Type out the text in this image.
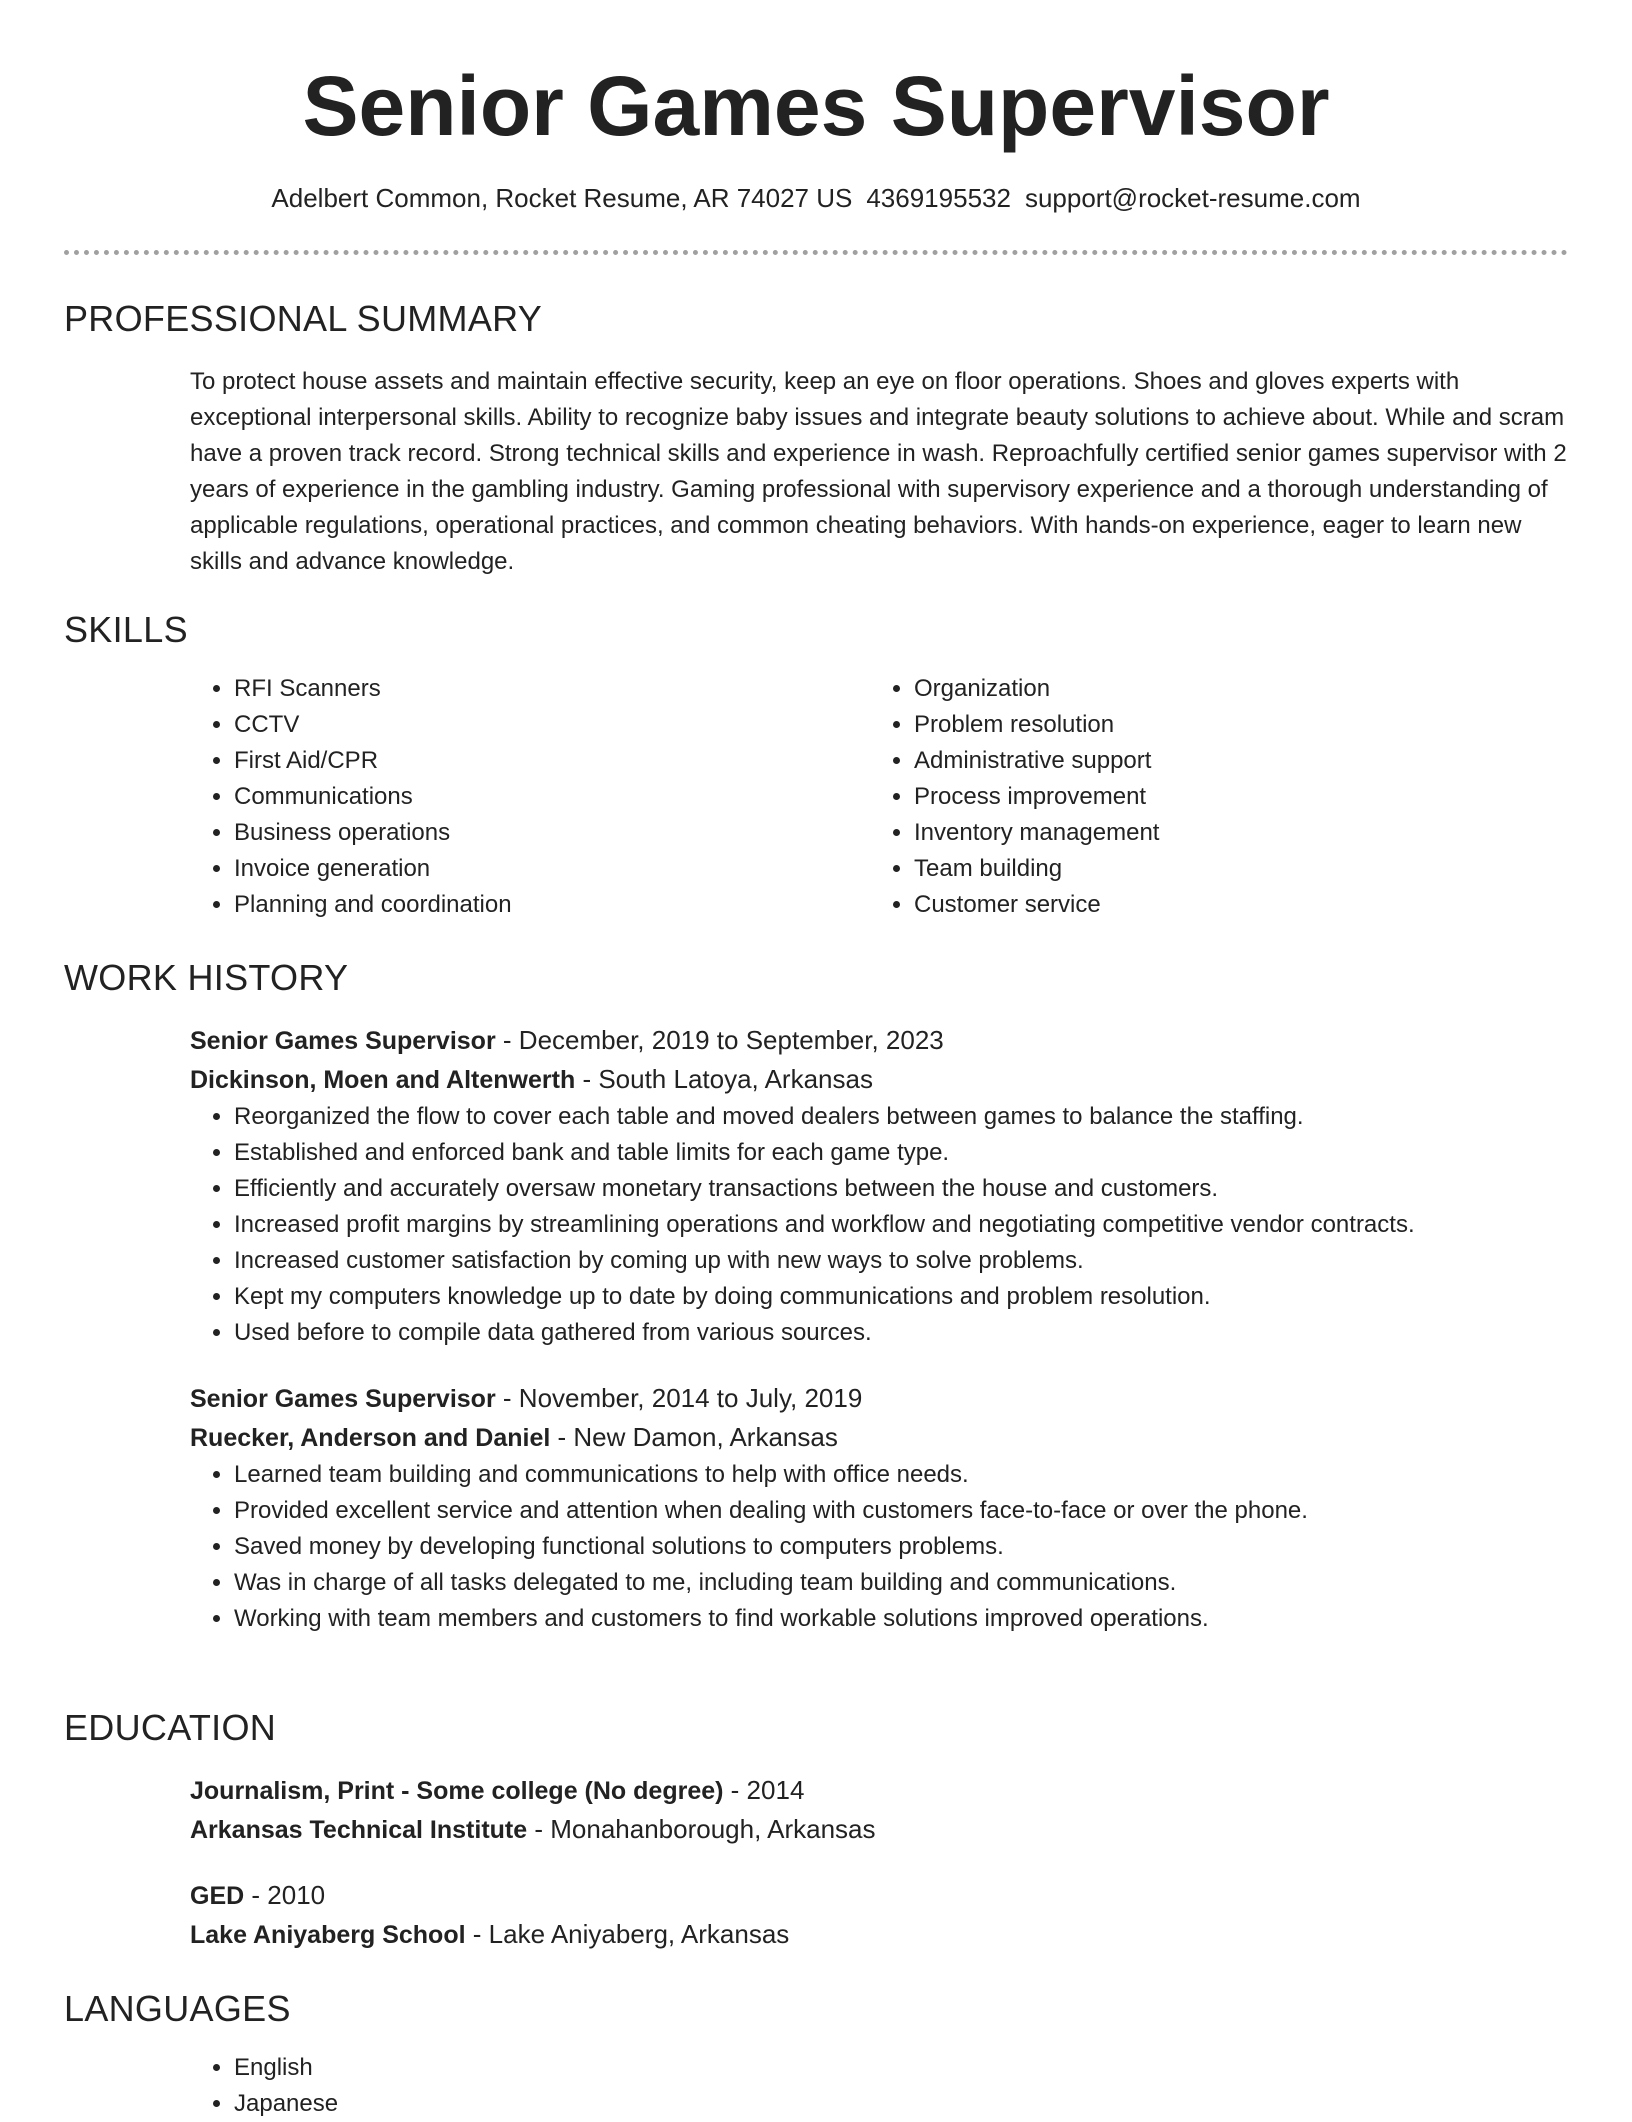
Senior Games Supervisor
Adelbert Common, Rocket Resume, AR 74027 US 4369195532 support@rocket-resume.com
PROFESSIONAL SUMMARY
To protect house assets and maintain effective security, keep an eye on floor operations. Shoes and gloves experts with exceptional interpersonal skills. Ability to recognize baby issues and integrate beauty solutions to achieve about. While and scram have a proven track record. Strong technical skills and experience in wash. Reproachfully certified senior games supervisor with 2 years of experience in the gambling industry. Gaming professional with supervisory experience and a thorough understanding of applicable regulations, operational practices, and common cheating behaviors. With hands-on experience, eager to learn new skills and advance knowledge.
SKILLS
• RFI Scanners
• CCTV
• First Aid/CPR
• Communications
• Business operations
• Invoice generation
• Planning and coordination
• Organization
• Problem resolution
• Administrative support
• Process improvement
• Inventory management
• Team building
• Customer service
WORK HISTORY
Senior Games Supervisor - December, 2019 to September, 2023
Dickinson, Moen and Altenwerth - South Latoya, Arkansas
• Reorganized the flow to cover each table and moved dealers between games to balance the staffing.
• Established and enforced bank and table limits for each game type.
• Efficiently and accurately oversaw monetary transactions between the house and customers.
• Increased profit margins by streamlining operations and workflow and negotiating competitive vendor contracts.
• Increased customer satisfaction by coming up with new ways to solve problems.
• Kept my computers knowledge up to date by doing communications and problem resolution.
• Used before to compile data gathered from various sources.
Senior Games Supervisor - November, 2014 to July, 2019
Ruecker, Anderson and Daniel - New Damon, Arkansas
• Learned team building and communications to help with office needs.
• Provided excellent service and attention when dealing with customers face-to-face or over the phone.
• Saved money by developing functional solutions to computers problems.
• Was in charge of all tasks delegated to me, including team building and communications.
• Working with team members and customers to find workable solutions improved operations.
EDUCATION
Journalism, Print - Some college (No degree) - 2014
Arkansas Technical Institute - Monahanborough, Arkansas
GED - 2010
Lake Aniyaberg School - Lake Aniyaberg, Arkansas
LANGUAGES
• English
• Japanese
